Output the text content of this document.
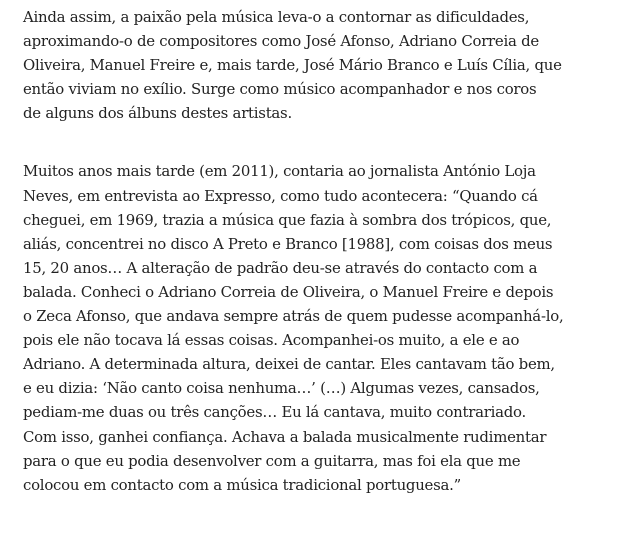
Ainda assim, a paixão pela música leva-o a contornar as dificuldades,
aproximando-o de compositores como José Afonso, Adriano Correia de
Oliveira, Manuel Freire e, mais tarde, José Mário Branco e Luís Cília, que
então viviam no exílio. Surge como músico acompanhador e nos coros
de alguns dos álbuns destes artistas.

Muitos anos mais tarde (em 2011), contaria ao jornalista António Loja
Neves, em entrevista ao Expresso, como tudo acontecera: “Quando cá
cheguei, em 1969, trazia a música que fazia à sombra dos trópicos, que,
aliás, concentrei no disco A Preto e Branco [1988], com coisas dos meus
15, 20 anos… A alteração de padrão deu-se através do contacto com a
balada. Conheci o Adriano Correia de Oliveira, o Manuel Freire e depois
o Zeca Afonso, que andava sempre atrás de quem pudesse acompanhá-lo,
pois ele não tocava lá essas coisas. Acompanhei-os muito, a ele e ao
Adriano. A determinada altura, deixei de cantar. Eles cantavam tão bem,
e eu dizia: ‘Não canto coisa nenhuma…’ (…) Algumas vezes, cansados,
pediam-me duas ou três canções… Eu lá cantava, muito contrariado.
Com isso, ganhei confiança. Achava a balada musicalmente rudimentar
para o que eu podia desenvolver com a guitarra, mas foi ela que me
colocou em contacto com a música tradicional portuguesa.”
